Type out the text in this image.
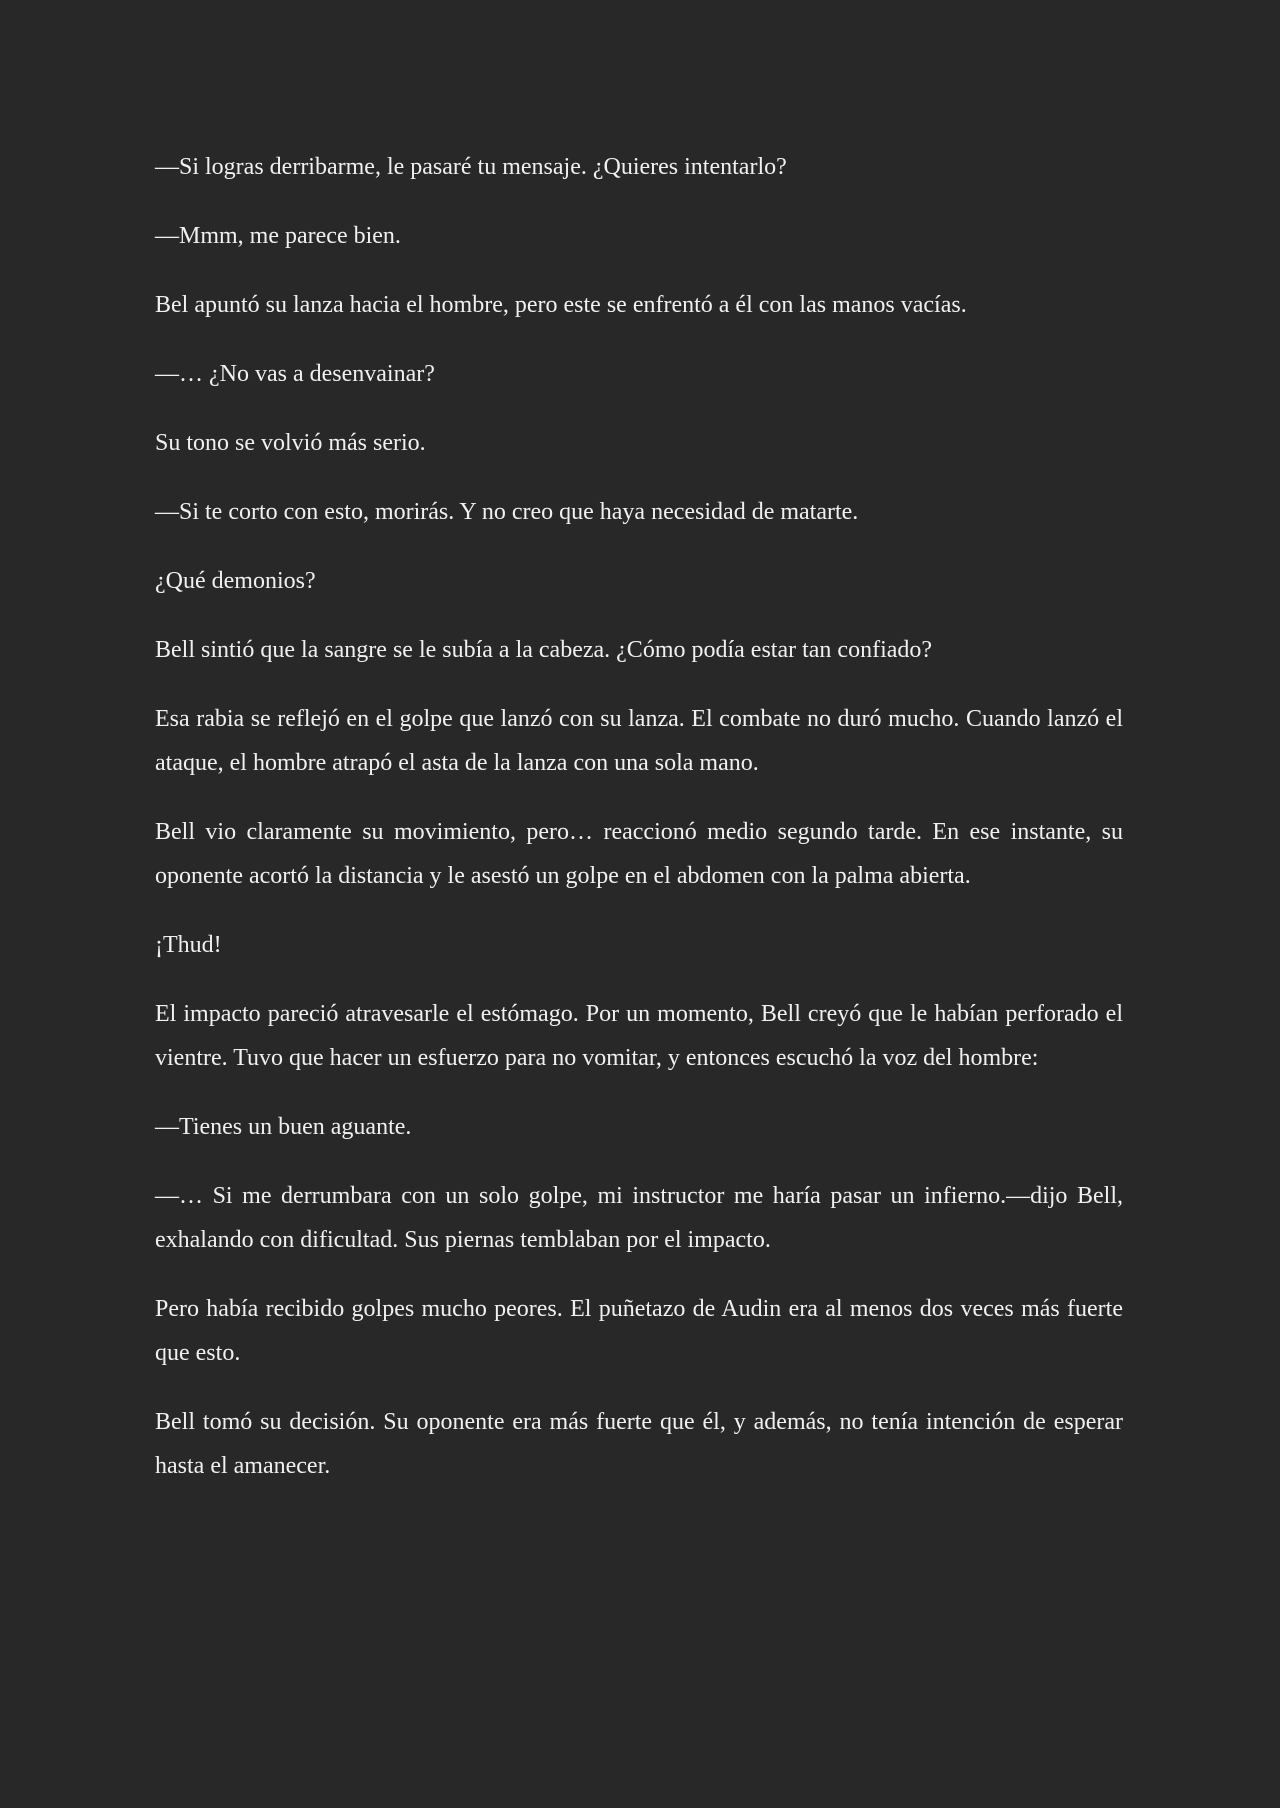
—Si logras derribarme, le pasaré tu mensaje. ¿Quieres intentarlo?

—Mmm, me parece bien.

Bel apuntó su lanza hacia el hombre, pero este se enfrentó a él con las manos vacías.

—… ¿No vas a desenvainar?

Su tono se volvió más serio.

—Si te corto con esto, morirás. Y no creo que haya necesidad de matarte.

¿Qué demonios?

Bell sintió que la sangre se le subía a la cabeza. ¿Cómo podía estar tan confiado?

Esa rabia se reflejó en el golpe que lanzó con su lanza. El combate no duró mucho. Cuando lanzó el ataque, el hombre atrapó el asta de la lanza con una sola mano.

Bell vio claramente su movimiento, pero… reaccionó medio segundo tarde. En ese instante, su oponente acortó la distancia y le asestó un golpe en el abdomen con la palma abierta.

¡Thud!

El impacto pareció atravesarle el estómago. Por un momento, Bell creyó que le habían perforado el vientre. Tuvo que hacer un esfuerzo para no vomitar, y entonces escuchó la voz del hombre:

—Tienes un buen aguante.

—… Si me derrumbara con un solo golpe, mi instructor me haría pasar un infierno.—dijo Bell, exhalando con dificultad. Sus piernas temblaban por el impacto.

Pero había recibido golpes mucho peores. El puñetazo de Audin era al menos dos veces más fuerte que esto.

Bell tomó su decisión. Su oponente era más fuerte que él, y además, no tenía intención de esperar hasta el amanecer.
